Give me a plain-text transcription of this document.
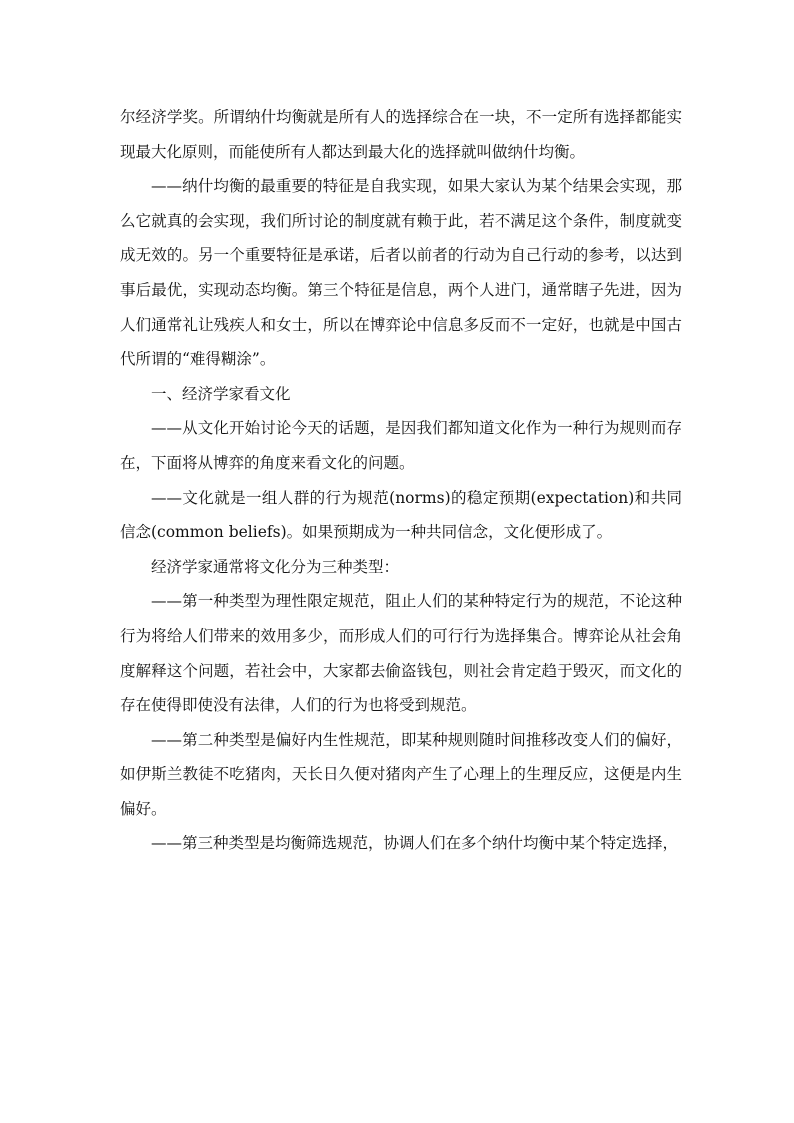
尔经济学奖。所谓纳什均衡就是所有人的选择综合在一块，不一定所有选择都能实现最大化原则，而能使所有人都达到最大化的选择就叫做纳什均衡。

——纳什均衡的最重要的特征是自我实现，如果大家认为某个结果会实现，那么它就真的会实现，我们所讨论的制度就有赖于此，若不满足这个条件，制度就变成无效的。另一个重要特征是承诺，后者以前者的行动为自己行动的参考，以达到事后最优，实现动态均衡。第三个特征是信息，两个人进门，通常瞎子先进，因为人们通常礼让残疾人和女士，所以在博弈论中信息多反而不一定好，也就是中国古代所谓的“难得糊涂”。

一、经济学家看文化

——从文化开始讨论今天的话题，是因我们都知道文化作为一种行为规则而存在，下面将从博弈的角度来看文化的问题。

——文化就是一组人群的行为规范(norms)的稳定预期(expectation)和共同信念(common beliefs)。如果预期成为一种共同信念，文化便形成了。

经济学家通常将文化分为三种类型：

——第一种类型为理性限定规范，阻止人们的某种特定行为的规范，不论这种行为将给人们带来的效用多少，而形成人们的可行行为选择集合。博弈论从社会角度解释这个问题，若社会中，大家都去偷盗钱包，则社会肯定趋于毁灭，而文化的存在使得即使没有法律，人们的行为也将受到规范。

——第二种类型是偏好内生性规范，即某种规则随时间推移改变人们的偏好，如伊斯兰教徒不吃猪肉，天长日久便对猪肉产生了心理上的生理反应，这便是内生偏好。

——第三种类型是均衡筛选规范，协调人们在多个纳什均衡中某个特定选择，
